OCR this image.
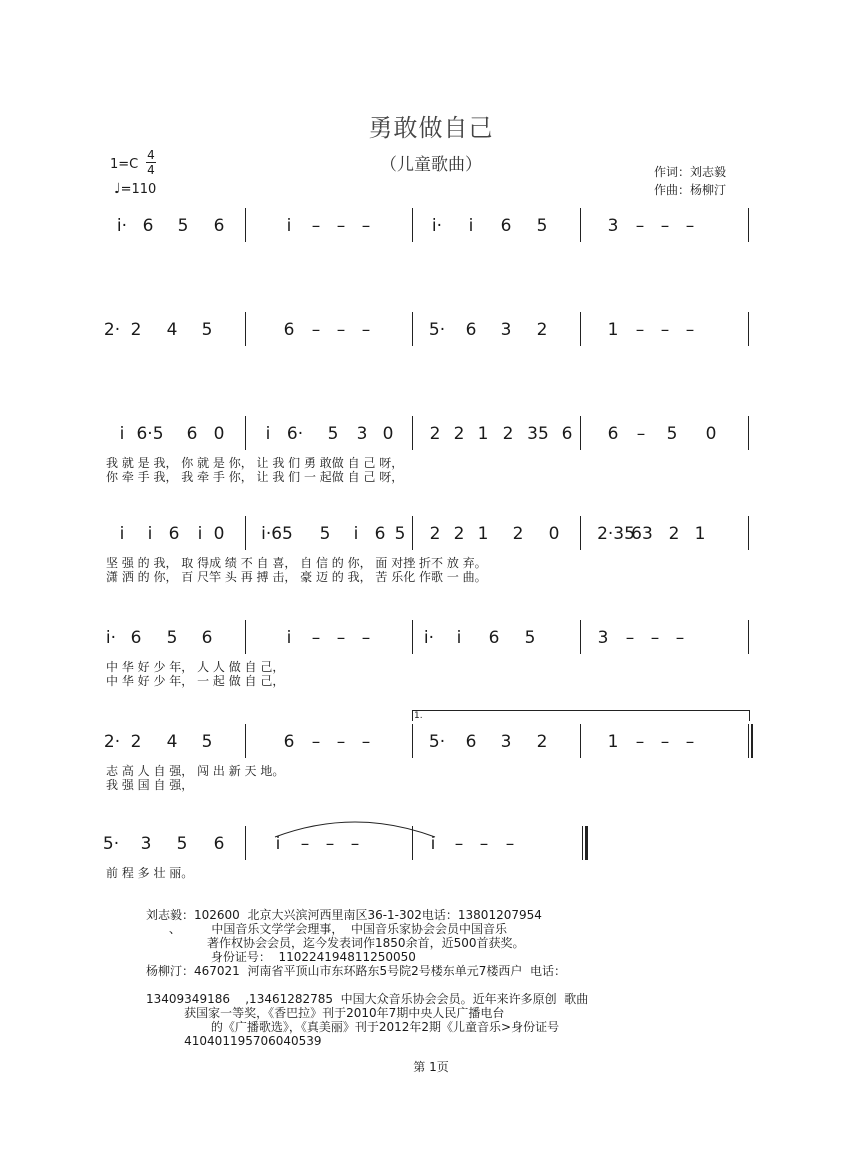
勇敢做自己
（儿童歌曲）
1=C
4
4
♩=110
作词：刘志毅
作曲：杨柳汀
i· 6 5 6	i – – –	i· i 6 5	3 – – –
2· 2 4 5	6 – – –	5· 6 3 2	1 – – –
i 6·5 6 0 i 6· 5 3 0 2 2 1 2 35 6 6 – 5 0
我 就 是 我， 你 就 是 你， 让 我 们 勇 敢做 自 己 呀，
你 牵 手 我， 我 牵 手 你， 让 我 们 一 起做 自 己 呀，
i i 6 i 0 i·65 5 i 6 5 2 2 1 2 0 2·35
63 2 1
坚 强 的 我， 取 得成 绩 不 自 喜， 自 信 的 你， 面 对挫 折不 放 弃。
潇 洒 的 你， 百 尺竿 头 再 搏 击， 豪 迈 的 我， 苦 乐化 作歌 一 曲。
i· 6 5 6	i – – –	i· i 6 5	3 – – –
中 华 好 少 年， 人 人 做 自 己，
中 华 好 少 年， 一 起 做 自 己，
2· 2 4 5	6 – – –	5· 6 3 2	1 – – –
1.
志 高 人 自 强， 闯 出 新 天 地。
我 强 国 自 强，
5· 3 5 6	i – – –	i – – –
前 程 多 壮 丽。
刘志毅：102600  北京大兴滨河西里南区36-1-302电话：13801207954
、        中国音乐文学学会理事，  中国音乐家协会会员中国音乐
著作权协会会员，迄今发表词作1850余首，近500首获奖。
身份证号：  110224194811250050
杨柳汀：467021  河南省平顶山市东环路东5号院2号楼东单元7楼西户  电话：

13409349186    ,13461282785  中国大众音乐协会会员。近年来许多原创  歌曲
获国家一等奖，《香巴拉》刊于2010年7期中央人民广播电台
的《广播歌选》，《真美丽》刊于2012年2期《儿童音乐>身份证号
410401195706040539
第 1页
